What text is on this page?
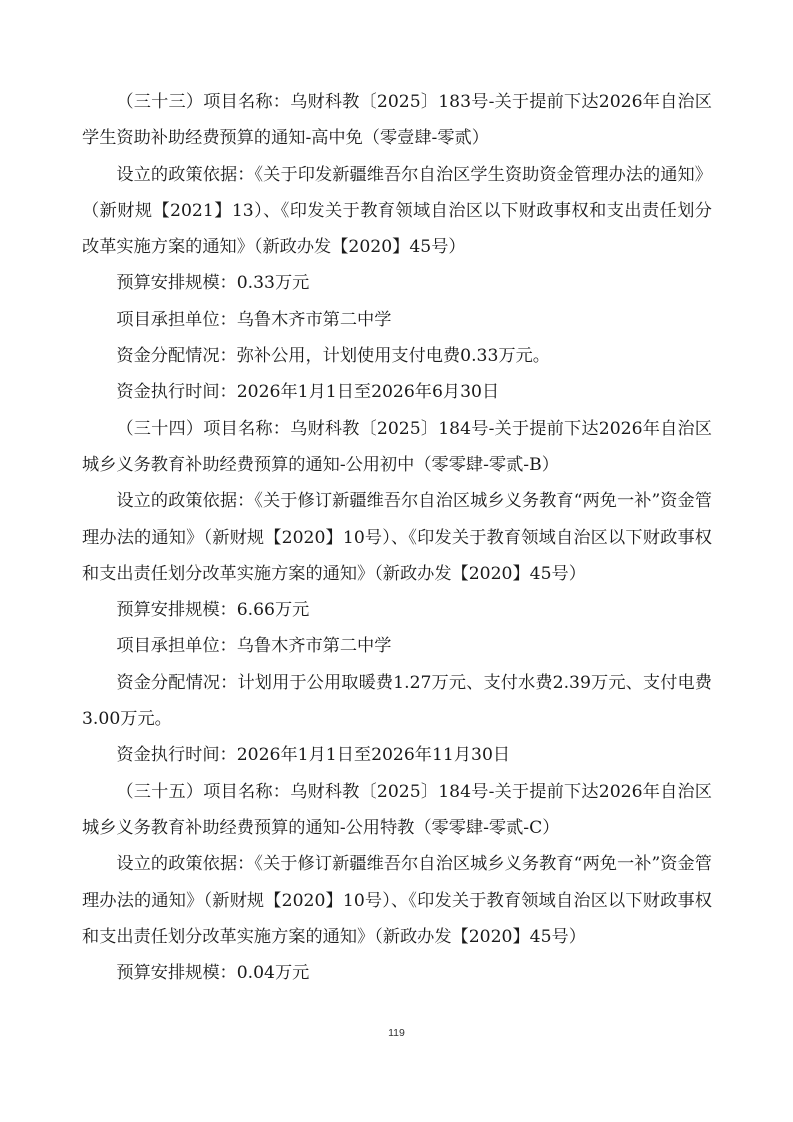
（三十三）项目名称：乌财科教〔2025〕183号-关于提前下达2026年自治区学生资助补助经费预算的通知-高中免（零壹肆-零贰）

设立的政策依据：《关于印发新疆维吾尔自治区学生资助资金管理办法的通知》（新财规【2021】13）、《印发关于教育领域自治区以下财政事权和支出责任划分改革实施方案的通知》（新政办发【2020】45号）

预算安排规模：0.33万元

项目承担单位：乌鲁木齐市第二中学

资金分配情况：弥补公用，计划使用支付电费0.33万元。

资金执行时间：2026年1月1日至2026年6月30日

（三十四）项目名称：乌财科教〔2025〕184号-关于提前下达2026年自治区城乡义务教育补助经费预算的通知-公用初中（零零肆-零贰-B）

设立的政策依据：《关于修订新疆维吾尔自治区城乡义务教育“两免一补”资金管理办法的通知》（新财规【2020】10号）、《印发关于教育领域自治区以下财政事权和支出责任划分改革实施方案的通知》（新政办发【2020】45号）

预算安排规模：6.66万元

项目承担单位：乌鲁木齐市第二中学

资金分配情况：计划用于公用取暖费1.27万元、支付水费2.39万元、支付电费3.00万元。

资金执行时间：2026年1月1日至2026年11月30日

（三十五）项目名称：乌财科教〔2025〕184号-关于提前下达2026年自治区城乡义务教育补助经费预算的通知-公用特教（零零肆-零贰-C）

设立的政策依据：《关于修订新疆维吾尔自治区城乡义务教育“两免一补”资金管理办法的通知》（新财规【2020】10号）、《印发关于教育领域自治区以下财政事权和支出责任划分改革实施方案的通知》（新政办发【2020】45号）

预算安排规模：0.04万元

119
